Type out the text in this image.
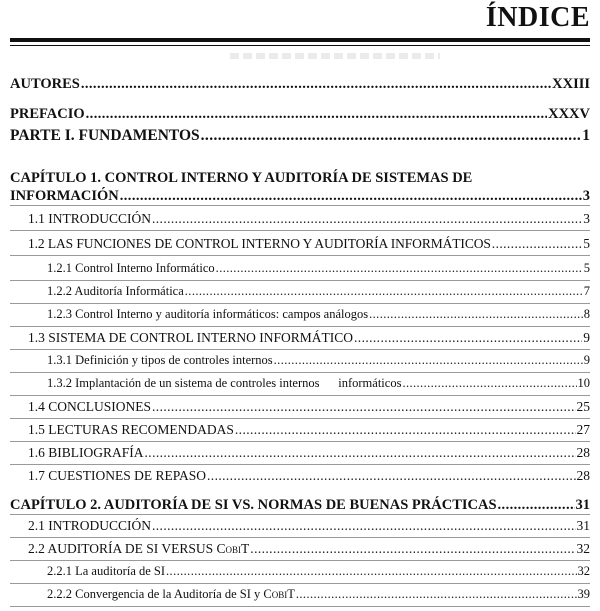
ÍNDICE
AUTORES .....	XXIII
PREFACIO .....	XXXV
PARTE I. FUNDAMENTOS .....	1
CAPÍTULO 1. CONTROL INTERNO Y AUDITORÍA DE SISTEMAS DE
INFORMACIÓN .....	3
1.1 INTRODUCCIÓN .....	3
1.2 LAS FUNCIONES DE CONTROL INTERNO Y AUDITORÍA INFORMÁTICOS .....	5
1.2.1 Control Interno Informático .....	5
1.2.2 Auditoría Informática .....	7
1.2.3 Control Interno y auditoría informáticos: campos análogos .....	8
1.3 SISTEMA DE CONTROL INTERNO INFORMÁTICO .....	9
1.3.1 Definición y tipos de controles internos .....	9
1.3.2 Implantación de un sistema de controles internos      informáticos .....	10
1.4 CONCLUSIONES .....	25
1.5 LECTURAS RECOMENDADAS .....	27
1.6 BIBLIOGRAFÍA .....	28
1.7 CUESTIONES DE REPASO .....	28
CAPÍTULO 2. AUDITORÍA DE SI VS. NORMAS DE BUENAS PRÁCTICAS .....	31
2.1 INTRODUCCIÓN .....	31
2.2 AUDITORÍA DE SI VERSUS CobiT .....	32
2.2.1 La auditoría de SI .....	32
2.2.2 Convergencia de la Auditoría de SI y CobiT .....	39
